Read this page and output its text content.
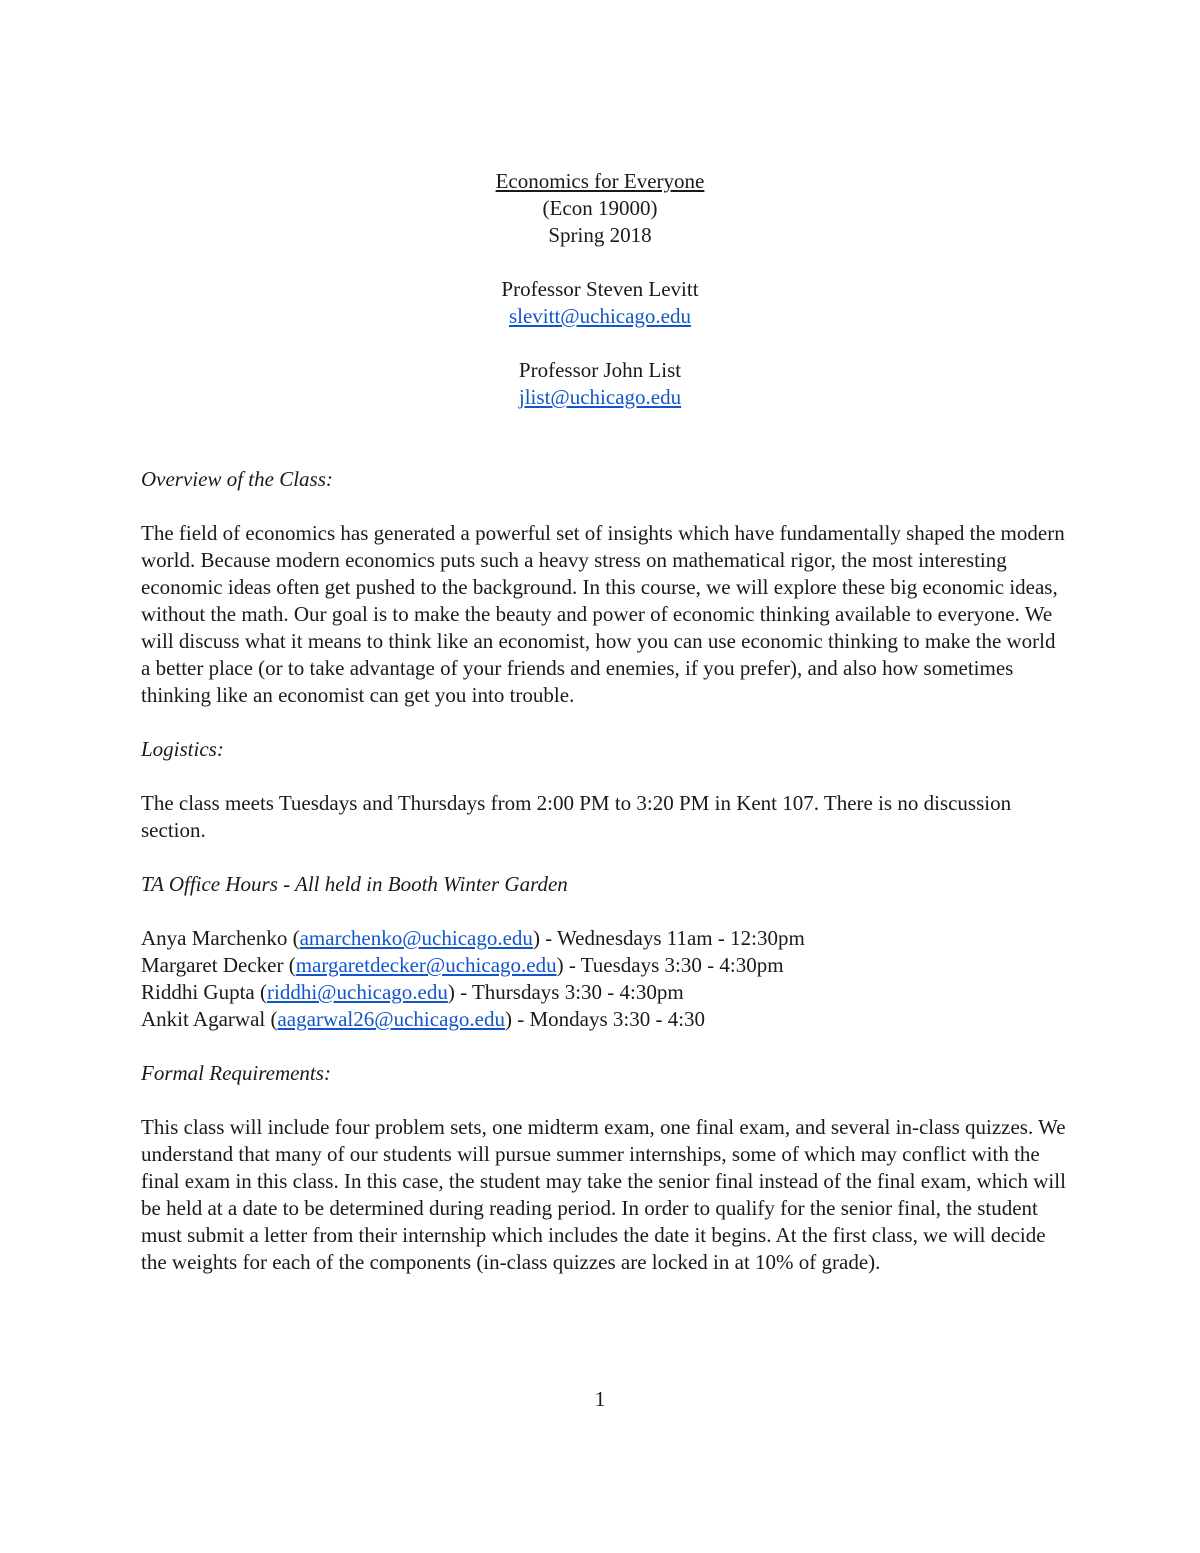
Economics for Everyone
(Econ 19000)
Spring 2018
Professor Steven Levitt
slevitt@uchicago.edu
Professor John List
jlist@uchicago.edu
Overview of the Class:

The field of economics has generated a powerful set of insights which have fundamentally shaped the modern world. Because modern economics puts such a heavy stress on mathematical rigor, the most interesting economic ideas often get pushed to the background. In this course, we will explore these big economic ideas, without the math. Our goal is to make the beauty and power of economic thinking available to everyone. We will discuss what it means to think like an economist, how you can use economic thinking to make the world a better place (or to take advantage of your friends and enemies, if you prefer), and also how sometimes thinking like an economist can get you into trouble.

Logistics:

The class meets Tuesdays and Thursdays from 2:00 PM to 3:20 PM in Kent 107. There is no discussion section.

TA Office Hours - All held in Booth Winter Garden
Anya Marchenko (amarchenko@uchicago.edu) - Wednesdays 11am - 12:30pm
Margaret Decker (margaretdecker@uchicago.edu) - Tuesdays 3:30 - 4:30pm
Riddhi Gupta (riddhi@uchicago.edu) - Thursdays 3:30 - 4:30pm
Ankit Agarwal (aagarwal26@uchicago.edu) - Mondays 3:30 - 4:30
Formal Requirements:

This class will include four problem sets, one midterm exam, one final exam, and several in-class quizzes. We understand that many of our students will pursue summer internships, some of which may conflict with the final exam in this class. In this case, the student may take the senior final instead of the final exam, which will be held at a date to be determined during reading period. In order to qualify for the senior final, the student must submit a letter from their internship which includes the date it begins. At the first class, we will decide the weights for each of the components (in-class quizzes are locked in at 10% of grade).

1
